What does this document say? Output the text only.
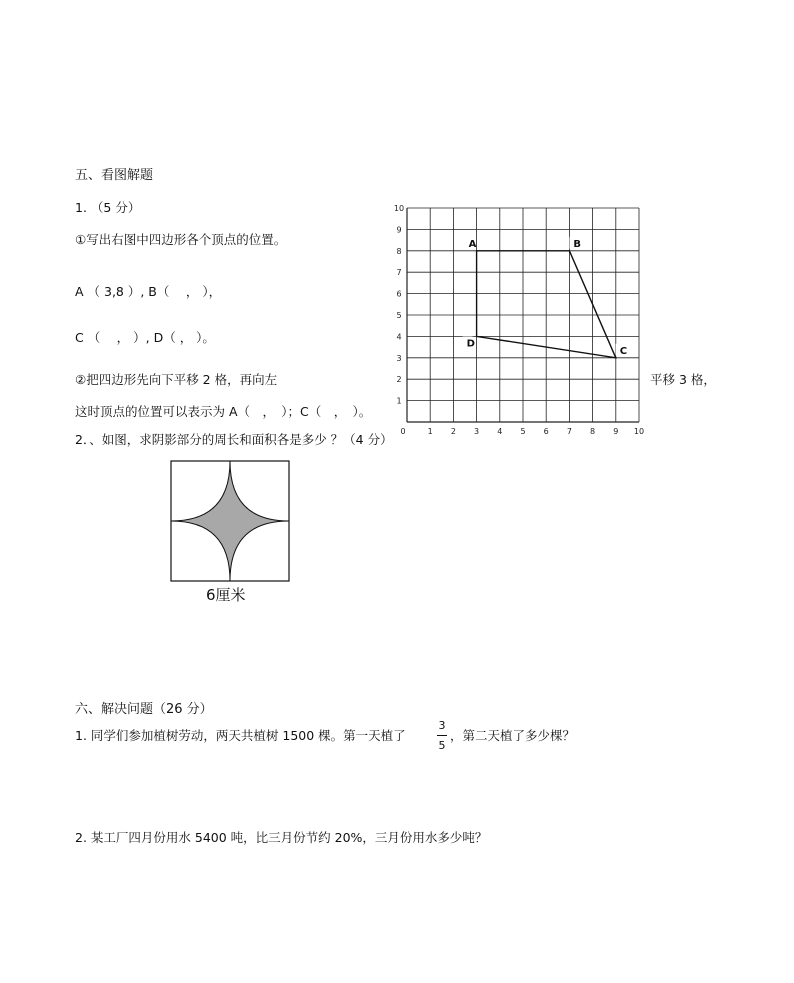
五、看图解题
1. （5 分）
①写出右图中四边形各个顶点的位置。
A （ 3,8 ）, B（　 ， ），
C （　 ， ）, D（ ， ）。
②把四边形先向下平移 2 格，再向左	平移 3 格，
这时顶点的位置可以表示为 A（　，　）；C（　，　）。
0	1 2 3 4 5 6 7 8 9 10
1
2
3
4
5
6
7
8
9
10
A	B
C
D
2．、如图，求阴影部分的周长和面积各是多少 ？（4 分）
6厘米
六、解决问题（26 分）
1. 同学们参加植树劳动，两天共植树 1500 棵。第一天植了
3
5
，第二天植了多少棵？
2. 某工厂四月份用水 5400 吨，比三月份节约 20%，三月份用水多少吨？
